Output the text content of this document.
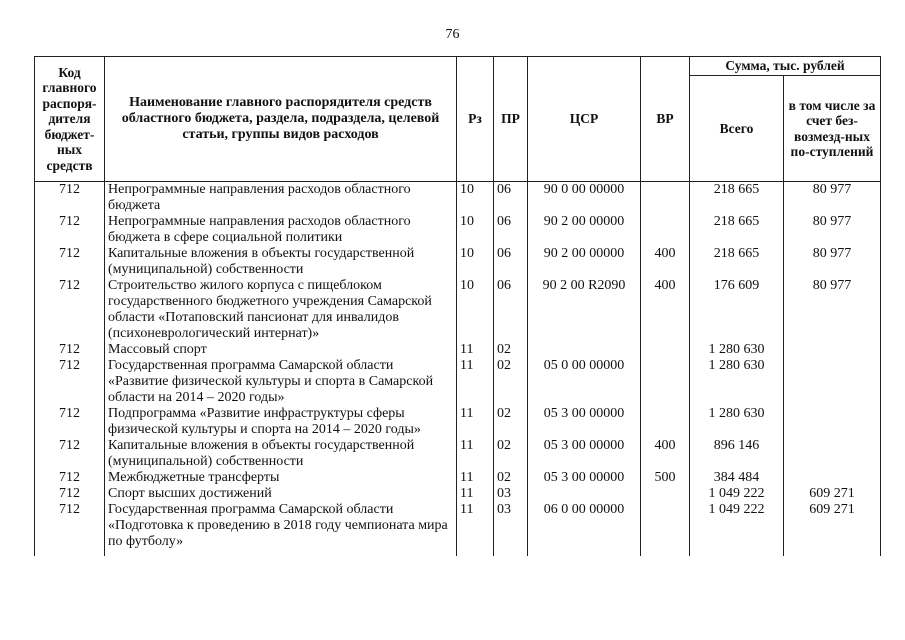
76
Код главного распоря-дителя бюджет-ных средств	Наименование главного распорядителя средств областного бюджета, раздела, подраздела, целевой статьи, группы видов расходов	Рз	ПР	ЦСР	ВР	Сумма, тыс. рублей	
						Всего	в том числе за счет без-возмезд-ных по-ступлений
712	Непрограммные направления расходов областного бюджета	10	06	90 0 00 00000		218 665	80 977
712	Непрограммные направления расходов областного бюджета в сфере социальной политики	10	06	90 2 00 00000		218 665	80 977
712	Капитальные вложения в объекты государственной (муниципальной) собственности	10	06	90 2 00 00000	400	218 665	80 977
712	Строительство жилого корпуса с пищеблоком государственного бюджетного учреждения Самарской области «Потаповский пансионат для инвалидов (психоневрологический интернат)»	10	06	90 2 00 R2090	400	176 609	80 977
712	Массовый спорт	11	02			1 280 630	
712	Государственная программа Самарской области «Развитие физической культуры и спорта в Самарской области на 2014 – 2020 годы»	11	02	05 0 00 00000		1 280 630	
712	Подпрограмма «Развитие инфраструктуры сферы физической культуры и спорта на 2014 – 2020 годы»	11	02	05 3 00 00000		1 280 630	
712	Капитальные вложения в объекты государственной (муниципальной) собственности	11	02	05 3 00 00000	400	896 146	
712	Межбюджетные трансферты	11	02	05 3 00 00000	500	384 484	
712	Спорт высших достижений	11	03			1 049 222	609 271
712	Государственная программа Самарской области «Подготовка к проведению в 2018 году чемпионата мира по футболу»	11	03	06 0 00 00000		1 049 222	609 271
